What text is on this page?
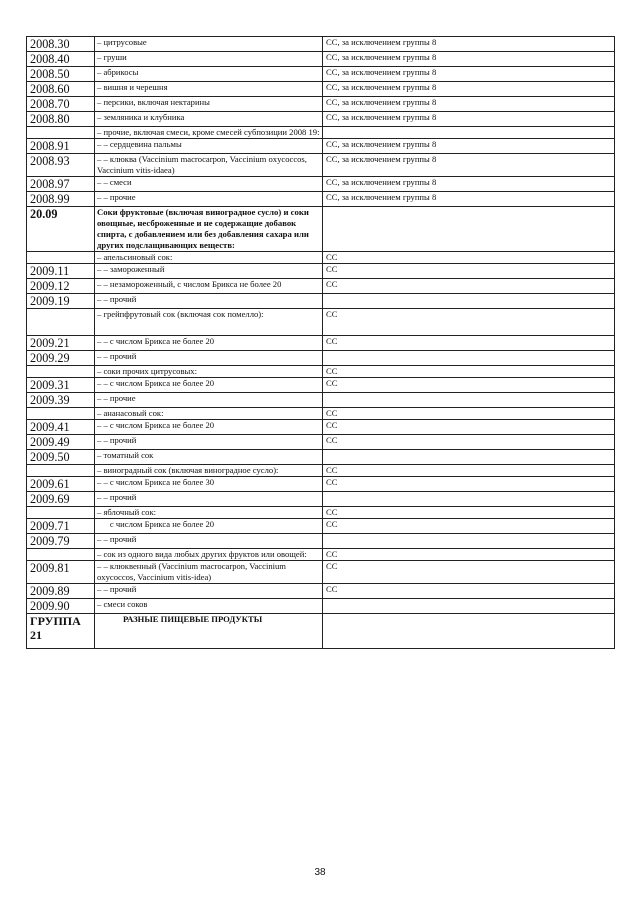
2008.30	– цитрусовые	СС, за исключением группы 8
2008.40	– груши	СС, за исключением группы 8
2008.50	– абрикосы	СС, за исключением группы 8
2008.60	– вишня и черешня	СС, за исключением группы 8
2008.70	– персики, включая нектарины	СС, за исключением группы 8
2008.80	– земляника и клубника	СС, за исключением группы 8
	– прочие, включая смеси, кроме смесей субпозиции 2008 19:	
2008.91	– – сердцевина пальмы	СС, за исключением группы 8
2008.93	– – клюква (Vaccinium macrocarpon, Vaccinium oxycoccos, Vaccinium vitis-idaea)	СС, за исключением группы 8
2008.97	– – смеси	СС, за исключением группы 8
2008.99	– – прочие	СС, за исключением группы 8
20.09	Соки фруктовые (включая виноградное сусло) и соки овощные, несброженные и не содержащие добавок спирта, с добавлением или без добавления сахара или других подслащивающих веществ:	
	– апельсиновый сок:	СС
2009.11	– – замороженный	СС
2009.12	– – незамороженный, с числом Брикса не более 20	СС
2009.19	– – прочий	
	– грейпфрутовый сок (включая сок помелло):	СС
2009.21	– – с числом Брикса не более 20	СС
2009.29	– – прочий	
	– соки прочих цитрусовых:	СС
2009.31	– – с числом Брикса не более 20	СС
2009.39	– – прочие	
	– ананасовый сок:	СС
2009.41	– – с числом Брикса не более 20	СС
2009.49	– – прочий	СС
2009.50	– томатный сок	
	– виноградный сок (включая виноградное сусло):	СС
2009.61	– – с числом Брикса не более 30	СС
2009.69	– – прочий	
	– яблочный сок:	СС
2009.71	с числом Брикса не более 20	СС
2009.79	– – прочий	
	– сок из одного вида любых других фруктов или овощей:	СС
2009.81	– – клюквенный (Vaccinium macrocarpon, Vaccinium oxycoccos, Vaccinium vitis-idea)	СС
2009.89	– – прочий	СС
2009.90	– смеси соков	
ГРУППА 21	РАЗНЫЕ ПИЩЕВЫЕ ПРОДУКТЫ	
38
